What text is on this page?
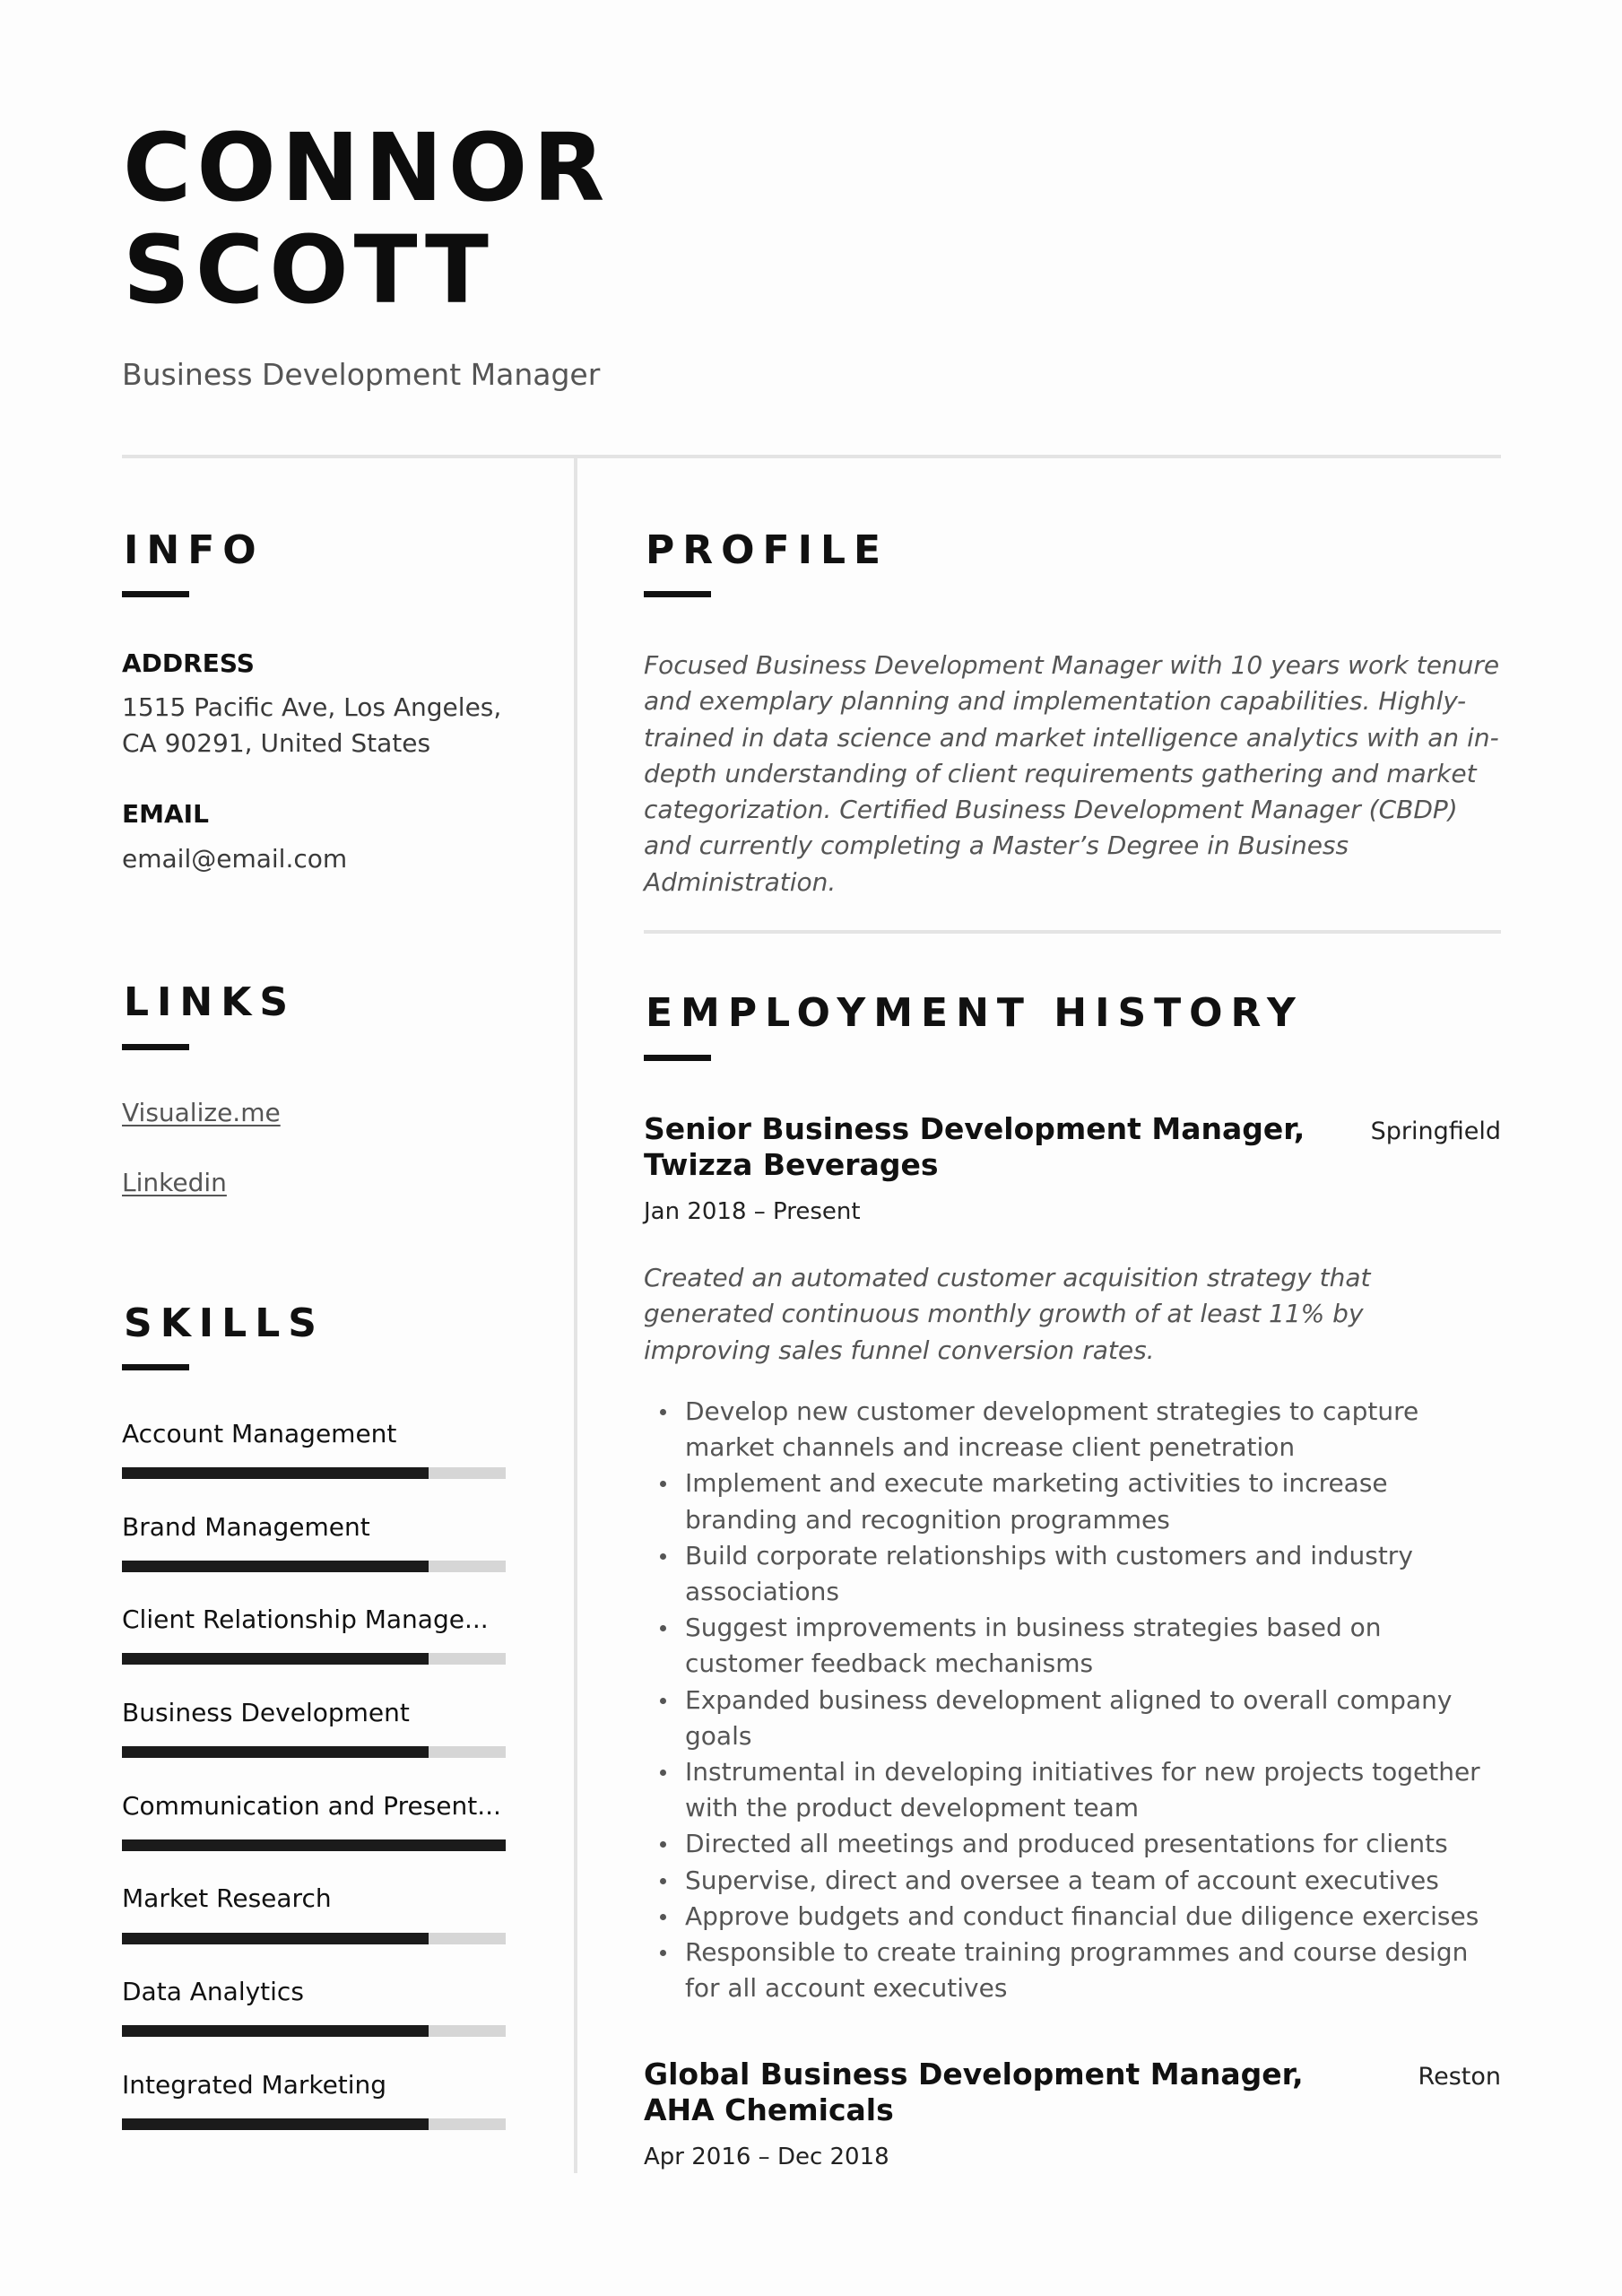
CONNOR
SCOTT
Business Development Manager
INFO
ADDRESS
1515 Pacific Ave, Los Angeles,
CA 90291, United States
EMAIL
email@email.com
LINKS
Visualize.me
Linkedin
SKILLS
Account Management
Brand Management
Client Relationship Manage...
Business Development
Communication and Present...
Market Research
Data Analytics
Integrated Marketing
PROFILE

Focused Business Development Manager with 10 years work tenure and exemplary planning and implementation capabilities. Highly-trained in data science and market intelligence analytics with an in-depth understanding of client requirements gathering and market categorization. Certified Business Development Manager (CBDP) and currently completing a Master’s Degree in Business Administration.

EMPLOYMENT HISTORY
Senior Business Development Manager,
Twizza Beverages
Springfield
Jan 2018 – Present

Created an automated customer acquisition strategy that generated continuous monthly growth of at least 11% by improving sales funnel conversion rates.

Develop new customer development strategies to capture market channels and increase client penetration
Implement and execute marketing activities to increase branding and recognition programmes
Build corporate relationships with customers and industry associations
Suggest improvements in business strategies based on customer feedback mechanisms
Expanded business development aligned to overall company goals
Instrumental in developing initiatives for new projects together with the product development team
Directed all meetings and produced presentations for clients
Supervise, direct and oversee a team of account executives
Approve budgets and conduct financial due diligence exercises
Responsible to create training programmes and course design for all account executives
Global Business Development Manager,
AHA Chemicals
Reston
Apr 2016 – Dec 2018
